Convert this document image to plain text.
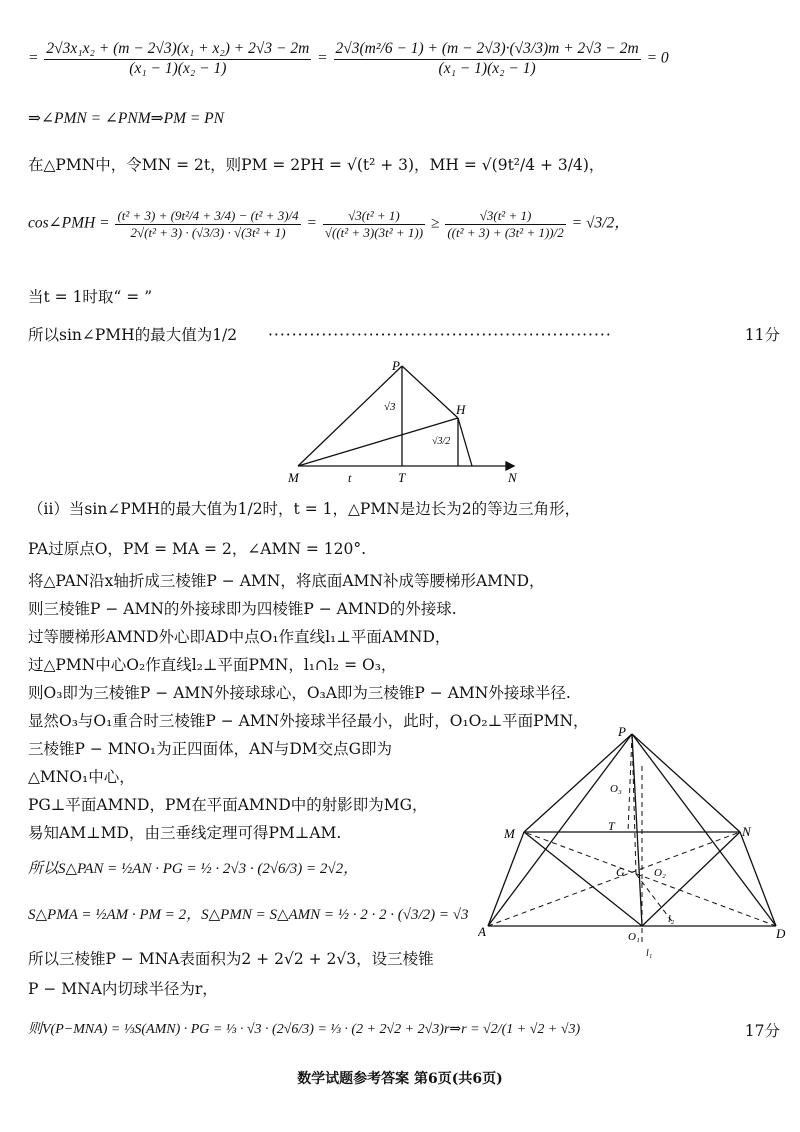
= $\frac{\text{2√3x₁x₂ + (m − 2√3)(x₁ + x₂) + 2√3 − 2m}}{\text{(x₁ − 1)(x₂ − 1)}} = \frac{\text{2√3(m²/6 − 1) + (m − 2√3)·(√3/3)m + 2√3 − 2m}}{\text{(x₁ − 1)(x₂ − 1)}} = 0$
⇒∠PMN = ∠PNM⇒PM = PN
在△PMN中，令MN = 2t，则PM = 2PH = √(t² + 3)，MH = √(9t²/4 + 3/4)，
cos∠PMH = $\frac{\text{(t² + 3) + (9t²/4 + 3/4) − (t² + 3)/4}}{\text{2√(t² + 3) · (√3/3) · √(3t² + 1)}} = \frac{\text{√3(t² + 1)}}{\text{√((t² + 3)(3t² + 1))}} \ge \frac{\text{√3(t² + 1)}}{\text{((t² + 3) + (3t² + 1))/2}} = √3/2$，
当t = 1时取“ = ”
所以sin∠PMH的最大值为1/2 ··························································	11分
P
H
M	T	N
t
√3
√3/2
（ⅱ）当sin∠PMH的最大值为1/2时，t = 1，△PMN是边长为2的等边三角形，
PA过原点O，PM = MA = 2，∠AMN = 120°.
将△PAN沿x轴折成三棱锥P − AMN，将底面AMN补成等腰梯形AMND，
则三棱锥P − AMN的外接球即为四棱锥P − AMND的外接球.
过等腰梯形AMND外心即AD中点O₁作直线l₁⊥平面AMND，
过△PMN中心O₂作直线l₂⊥平面PMN，l₁∩l₂ = O₃，
则O₃即为三棱锥P − AMN外接球球心，O₃A即为三棱锥P − AMN外接球半径.
显然O₃与O₁重合时三棱锥P − AMN外接球半径最小，此时，O₁O₂⊥平面PMN，
三棱锥P − MNO₁为正四面体，AN与DM交点G即为
△MNO₁中心，
PG⊥平面AMND，PM在平面AMND中的射影即为MG，
易知AM⊥MD，由三垂线定理可得PM⊥AM.
所以S△PAN = ½AN · PG = ½ · 2√3 · (2√6/3) = 2√2，
S△PMA = ½AM · PM = 2，S△PMN = S△AMN = ½ · 2 · 2 · (√3/2) = √3
所以三棱锥P − MNA表面积为2 + 2√2 + 2√3，设三棱锥
P − MNA内切球半径为r，
则V(P−MNA) = ⅓S(AMN) · PG = ⅓ · √3 · (2√6/3) = ⅓ · (2 + 2√2 + 2√3)r⇒r = √2/(1 + √2 + √3)	17分
P
M	N
T
G
O₃
O₂
A	O₁	D
l₂
l₁
数学试题参考答案 第6页(共6页)
